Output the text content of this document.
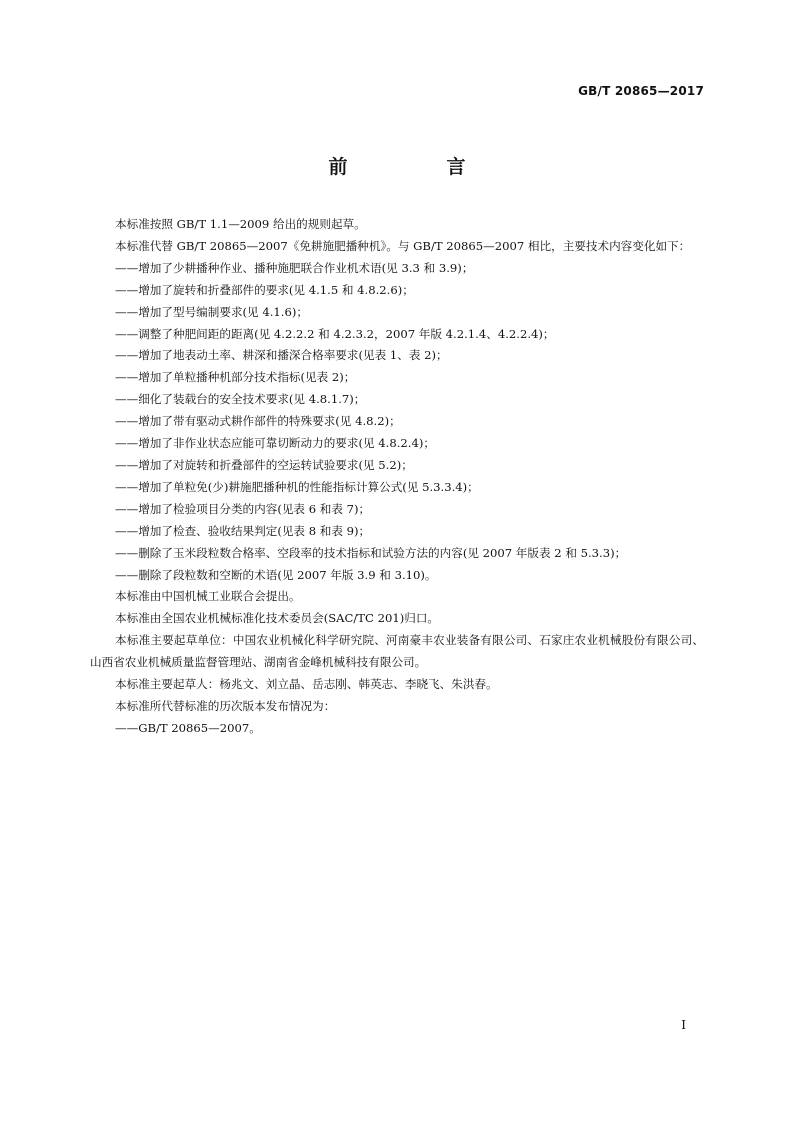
GB/T 20865—2017
前　言

本标准按照 GB/T 1.1—2009 给出的规则起草。

本标准代替 GB/T 20865—2007《免耕施肥播种机》。与 GB/T 20865—2007 相比，主要技术内容变化如下：

——增加了少耕播种作业、播种施肥联合作业机术语(见 3.3 和 3.9)；

——增加了旋转和折叠部件的要求(见 4.1.5 和 4.8.2.6)；

——增加了型号编制要求(见 4.1.6)；

——调整了种肥间距的距离(见 4.2.2.2 和 4.2.3.2，2007 年版 4.2.1.4、4.2.2.4)；

——增加了地表动土率、耕深和播深合格率要求(见表 1、表 2)；

——增加了单粒播种机部分技术指标(见表 2)；

——细化了装载台的安全技术要求(见 4.8.1.7)；

——增加了带有驱动式耕作部件的特殊要求(见 4.8.2)；

——增加了非作业状态应能可靠切断动力的要求(见 4.8.2.4)；

——增加了对旋转和折叠部件的空运转试验要求(见 5.2)；

——增加了单粒免(少)耕施肥播种机的性能指标计算公式(见 5.3.3.4)；

——增加了检验项目分类的内容(见表 6 和表 7)；

——增加了检查、验收结果判定(见表 8 和表 9)；

——删除了玉米段粒数合格率、空段率的技术指标和试验方法的内容(见 2007 年版表 2 和 5.3.3)；

——删除了段粒数和空断的术语(见 2007 年版 3.9 和 3.10)。

本标准由中国机械工业联合会提出。

本标准由全国农业机械标准化技术委员会(SAC/TC 201)归口。

本标准主要起草单位：中国农业机械化科学研究院、河南豪丰农业装备有限公司、石家庄农业机械股份有限公司、山西省农业机械质量监督管理站、湖南省金峰机械科技有限公司。

本标准主要起草人：杨兆文、刘立晶、岳志刚、韩英志、李晓飞、朱洪春。

本标准所代替标准的历次版本发布情况为：

——GB/T 20865—2007。

I
